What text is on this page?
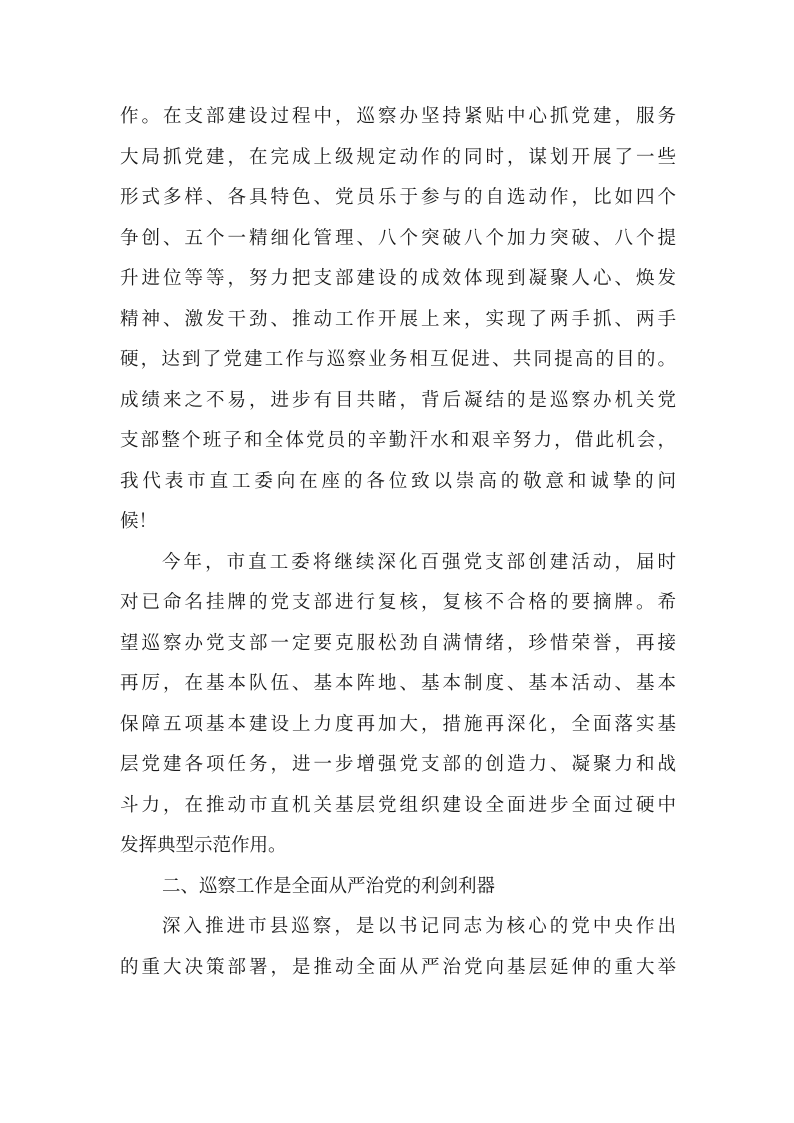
作。在支部建设过程中，巡察办坚持紧贴中心抓党建，服务
大局抓党建，在完成上级规定动作的同时，谋划开展了一些
形式多样、各具特色、党员乐于参与的自选动作，比如四个
争创、五个一精细化管理、八个突破八个加力突破、八个提
升进位等等，努力把支部建设的成效体现到凝聚人心、焕发
精神、激发干劲、推动工作开展上来，实现了两手抓、两手
硬，达到了党建工作与巡察业务相互促进、共同提高的目的。
成绩来之不易，进步有目共睹，背后凝结的是巡察办机关党
支部整个班子和全体党员的辛勤汗水和艰辛努力，借此机会，
我代表市直工委向在座的各位致以崇高的敬意和诚挚的问
候！
今年，市直工委将继续深化百强党支部创建活动，届时
对已命名挂牌的党支部进行复核，复核不合格的要摘牌。希
望巡察办党支部一定要克服松劲自满情绪，珍惜荣誉，再接
再厉，在基本队伍、基本阵地、基本制度、基本活动、基本
保障五项基本建设上力度再加大，措施再深化，全面落实基
层党建各项任务，进一步增强党支部的创造力、凝聚力和战
斗力，在推动市直机关基层党组织建设全面进步全面过硬中
发挥典型示范作用。
二、巡察工作是全面从严治党的利剑利器
深入推进市县巡察，是以书记同志为核心的党中央作出
的重大决策部署，是推动全面从严治党向基层延伸的重大举
